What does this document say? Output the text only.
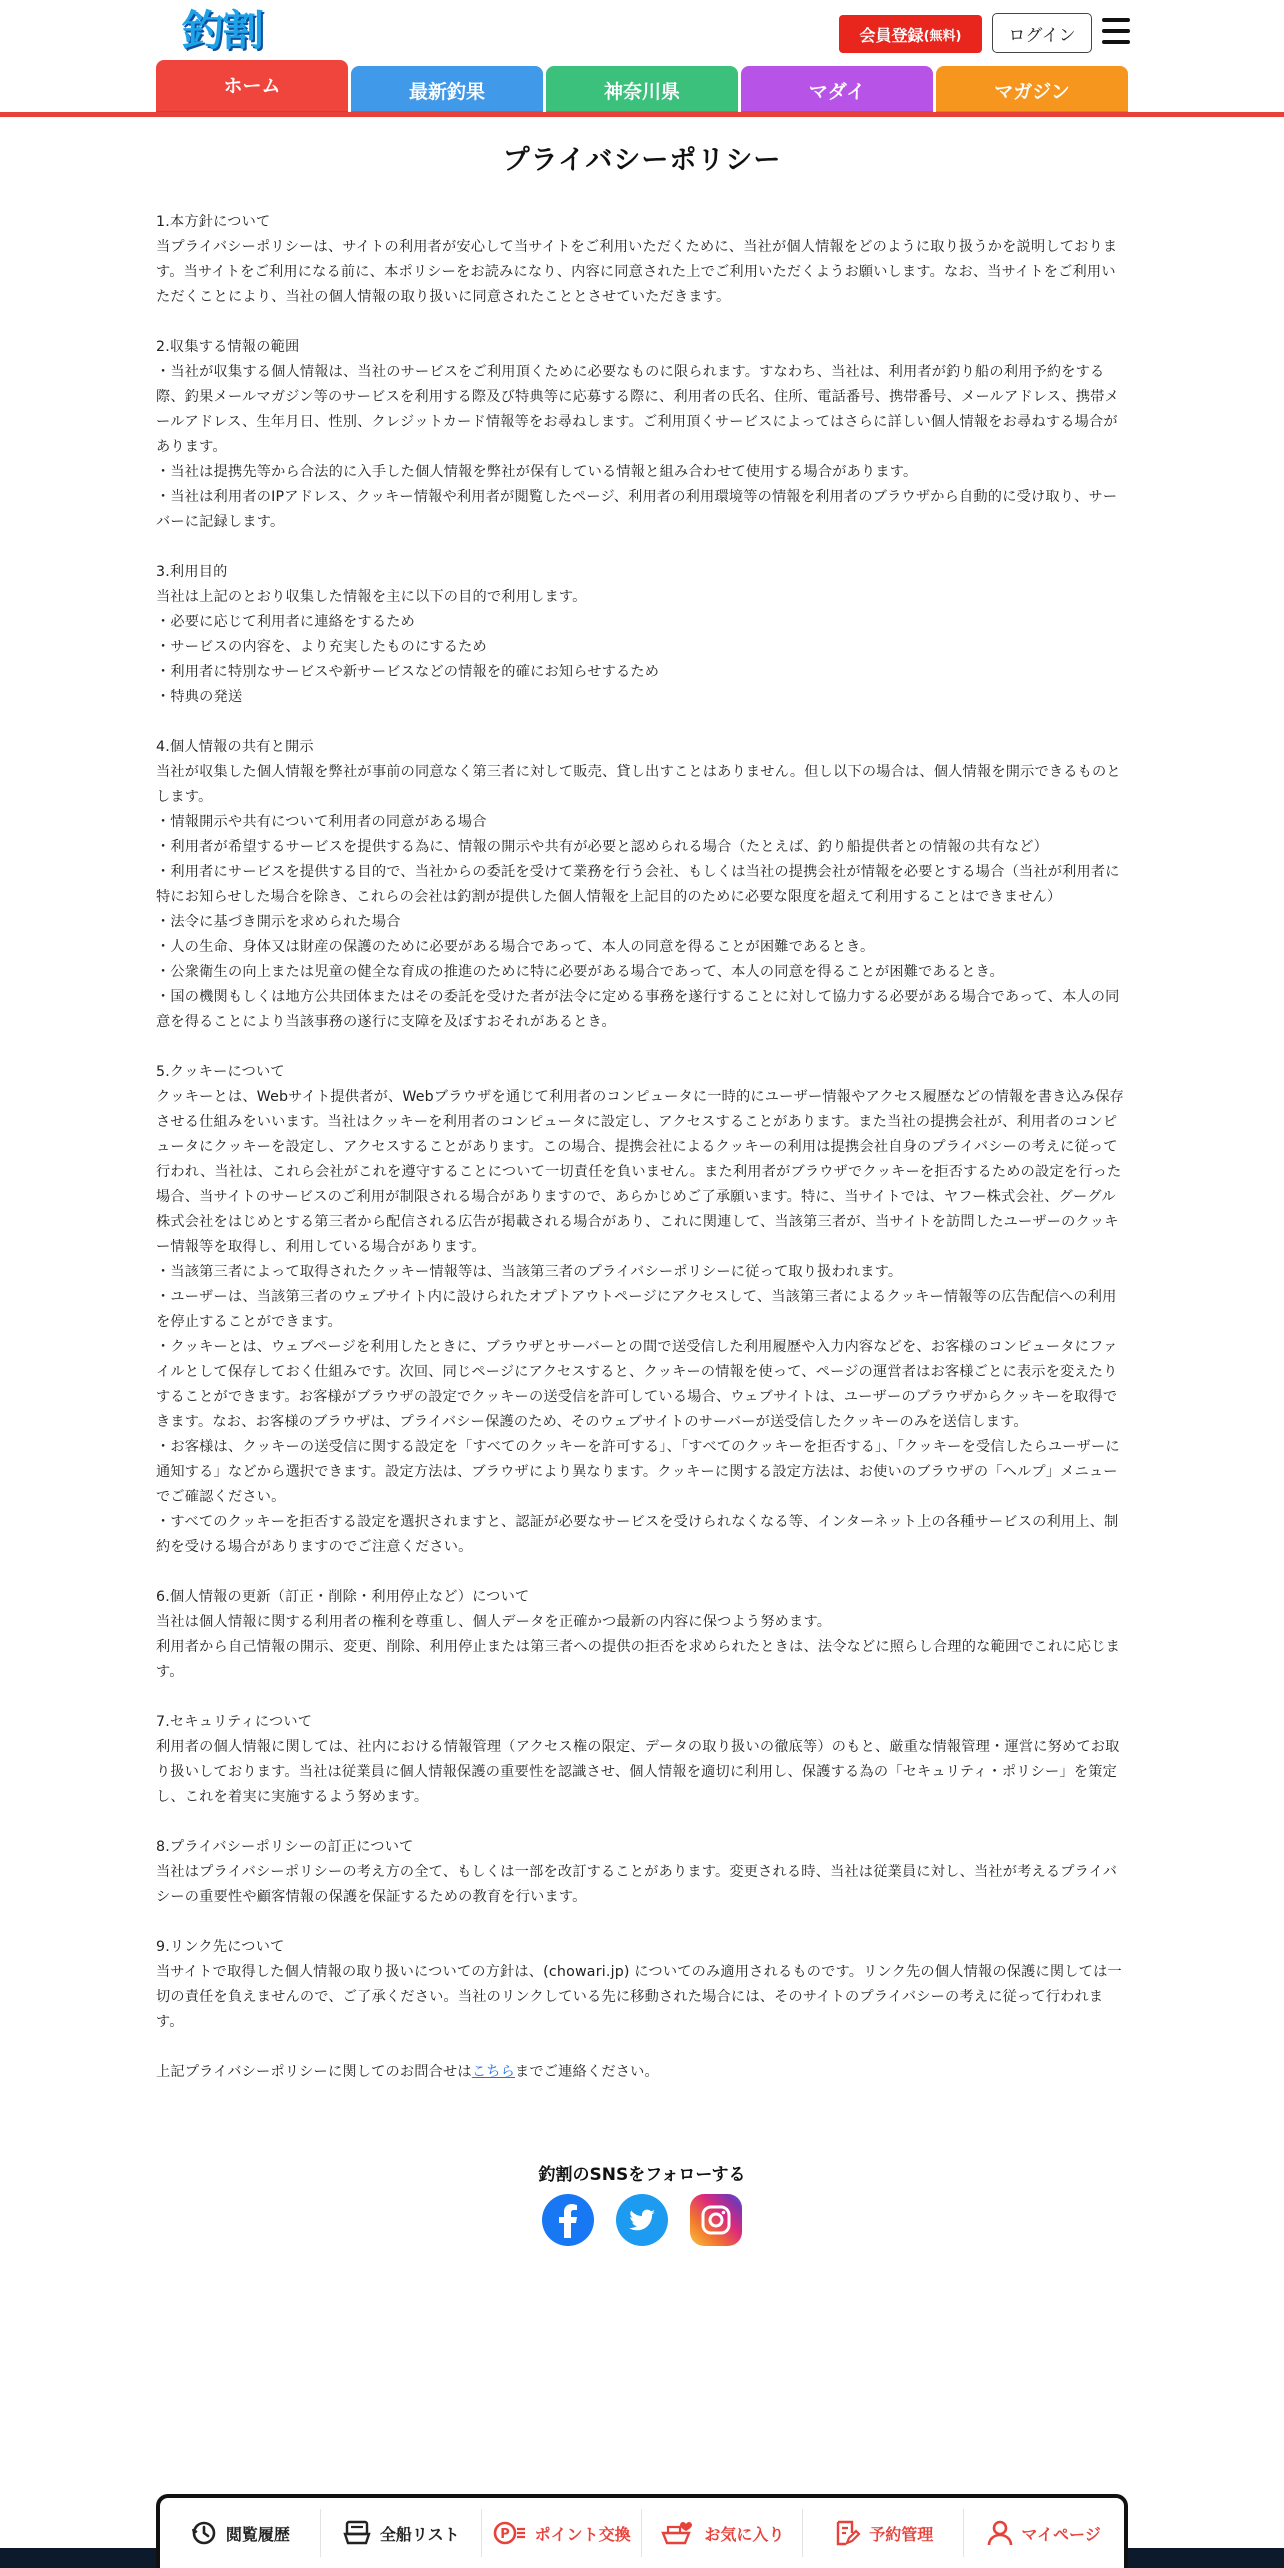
釣割	会員登録 (無料)	ログイン
ホーム	最新釣果	神奈川県	マダイ	マガジン
プライバシーポリシー

1.本方針について

当プライバシーポリシーは、サイトの利用者が安心して当サイトをご利用いただくために、当社が個人情報をどのように取り扱うかを説明しております。当サイトをご利用になる前に、本ポリシーをお読みになり、内容に同意された上でご利用いただくようお願いします。なお、当サイトをご利用いただくことにより、当社の個人情報の取り扱いに同意されたこととさせていただきます。

2.収集する情報の範囲

・当社が収集する個人情報は、当社のサービスをご利用頂くために必要なものに限られます。すなわち、当社は、利用者が釣り船の利用予約をする際、釣果メールマガジン等のサービスを利用する際及び特典等に応募する際に、利用者の氏名、住所、電話番号、携帯番号、メールアドレス、携帯メールアドレス、生年月日、性別、クレジットカード情報等をお尋ねします。ご利用頂くサービスによってはさらに詳しい個人情報をお尋ねする場合があります。

・当社は提携先等から合法的に入手した個人情報を弊社が保有している情報と組み合わせて使用する場合があります。

・当社は利用者のIPアドレス、クッキー情報や利用者が閲覧したページ、利用者の利用環境等の情報を利用者のブラウザから自動的に受け取り、サーバーに記録します。

3.利用目的

当社は上記のとおり収集した情報を主に以下の目的で利用します。

・必要に応じて利用者に連絡をするため

・サービスの内容を、より充実したものにするため

・利用者に特別なサービスや新サービスなどの情報を的確にお知らせするため

・特典の発送

4.個人情報の共有と開示

当社が収集した個人情報を弊社が事前の同意なく第三者に対して販売、貸し出すことはありません。但し以下の場合は、個人情報を開示できるものとします。

・情報開示や共有について利用者の同意がある場合

・利用者が希望するサービスを提供する為に、情報の開示や共有が必要と認められる場合（たとえば、釣り船提供者との情報の共有など）

・利用者にサービスを提供する目的で、当社からの委託を受けて業務を行う会社、もしくは当社の提携会社が情報を必要とする場合（当社が利用者に特にお知らせした場合を除き、これらの会社は釣割が提供した個人情報を上記目的のために必要な限度を超えて利用することはできません）

・法令に基づき開示を求められた場合

・人の生命、身体又は財産の保護のために必要がある場合であって、本人の同意を得ることが困難であるとき。

・公衆衛生の向上または児童の健全な育成の推進のために特に必要がある場合であって、本人の同意を得ることが困難であるとき。

・国の機関もしくは地方公共団体またはその委託を受けた者が法令に定める事務を遂行することに対して協力する必要がある場合であって、本人の同意を得ることにより当該事務の遂行に支障を及ぼすおそれがあるとき。

5.クッキーについて

クッキーとは、Webサイト提供者が、Webブラウザを通じて利用者のコンピュータに一時的にユーザー情報やアクセス履歴などの情報を書き込み保存させる仕組みをいいます。当社はクッキーを利用者のコンピュータに設定し、アクセスすることがあります。また当社の提携会社が、利用者のコンピュータにクッキーを設定し、アクセスすることがあります。この場合、提携会社によるクッキーの利用は提携会社自身のプライバシーの考えに従って行われ、当社は、これら会社がこれを遵守することについて一切責任を負いません。また利用者がブラウザでクッキーを拒否するための設定を行った場合、当サイトのサービスのご利用が制限される場合がありますので、あらかじめご了承願います。特に、当サイトでは、ヤフー株式会社、グーグル株式会社をはじめとする第三者から配信される広告が掲載される場合があり、これに関連して、当該第三者が、当サイトを訪問したユーザーのクッキー情報等を取得し、利用している場合があります。

・当該第三者によって取得されたクッキー情報等は、当該第三者のプライバシーポリシーに従って取り扱われます。

・ユーザーは、当該第三者のウェブサイト内に設けられたオプトアウトページにアクセスして、当該第三者によるクッキー情報等の広告配信への利用を停止することができます。

・クッキーとは、ウェブページを利用したときに、ブラウザとサーバーとの間で送受信した利用履歴や入力内容などを、お客様のコンピュータにファイルとして保存しておく仕組みです。次回、同じページにアクセスすると、クッキーの情報を使って、ページの運営者はお客様ごとに表示を変えたりすることができます。お客様がブラウザの設定でクッキーの送受信を許可している場合、ウェブサイトは、ユーザーのブラウザからクッキーを取得できます。なお、お客様のブラウザは、プライバシー保護のため、そのウェブサイトのサーバーが送受信したクッキーのみを送信します。

・お客様は、クッキーの送受信に関する設定を「すべてのクッキーを許可する」、「すべてのクッキーを拒否する」、「クッキーを受信したらユーザーに通知する」などから選択できます。設定方法は、ブラウザにより異なります。クッキーに関する設定方法は、お使いのブラウザの「ヘルプ」メニューでご確認ください。

・すべてのクッキーを拒否する設定を選択されますと、認証が必要なサービスを受けられなくなる等、インターネット上の各種サービスの利用上、制約を受ける場合がありますのでご注意ください。

6.個人情報の更新（訂正・削除・利用停止など）について

当社は個人情報に関する利用者の権利を尊重し、個人データを正確かつ最新の内容に保つよう努めます。

利用者から自己情報の開示、変更、削除、利用停止または第三者への提供の拒否を求められたときは、法令などに照らし合理的な範囲でこれに応じます。

7.セキュリティについて

利用者の個人情報に関しては、社内における情報管理（アクセス権の限定、データの取り扱いの徹底等）のもと、厳重な情報管理・運営に努めてお取り扱いしております。当社は従業員に個人情報保護の重要性を認識させ、個人情報を適切に利用し、保護する為の「セキュリティ・ポリシー」を策定し、これを着実に実施するよう努めます。

8.プライバシーポリシーの訂正について

当社はプライバシーポリシーの考え方の全て、もしくは一部を改訂することがあります。変更される時、当社は従業員に対し、当社が考えるプライバシーの重要性や顧客情報の保護を保証するための教育を行います。

9.リンク先について

当サイトで取得した個人情報の取り扱いについての方針は、(chowari.jp) についてのみ適用されるものです。リンク先の個人情報の保護に関しては一切の責任を負えませんので、ご了承ください。当社のリンクしている先に移動された場合には、そのサイトのプライバシーの考えに従って行われます。

上記プライバシーポリシーに関してのお問合せはこちらまでご連絡ください。

釣割のSNSをフォローする
閲覧履歴	全船リスト	P ポイント交換	お気に入り	予約管理	マイページ
